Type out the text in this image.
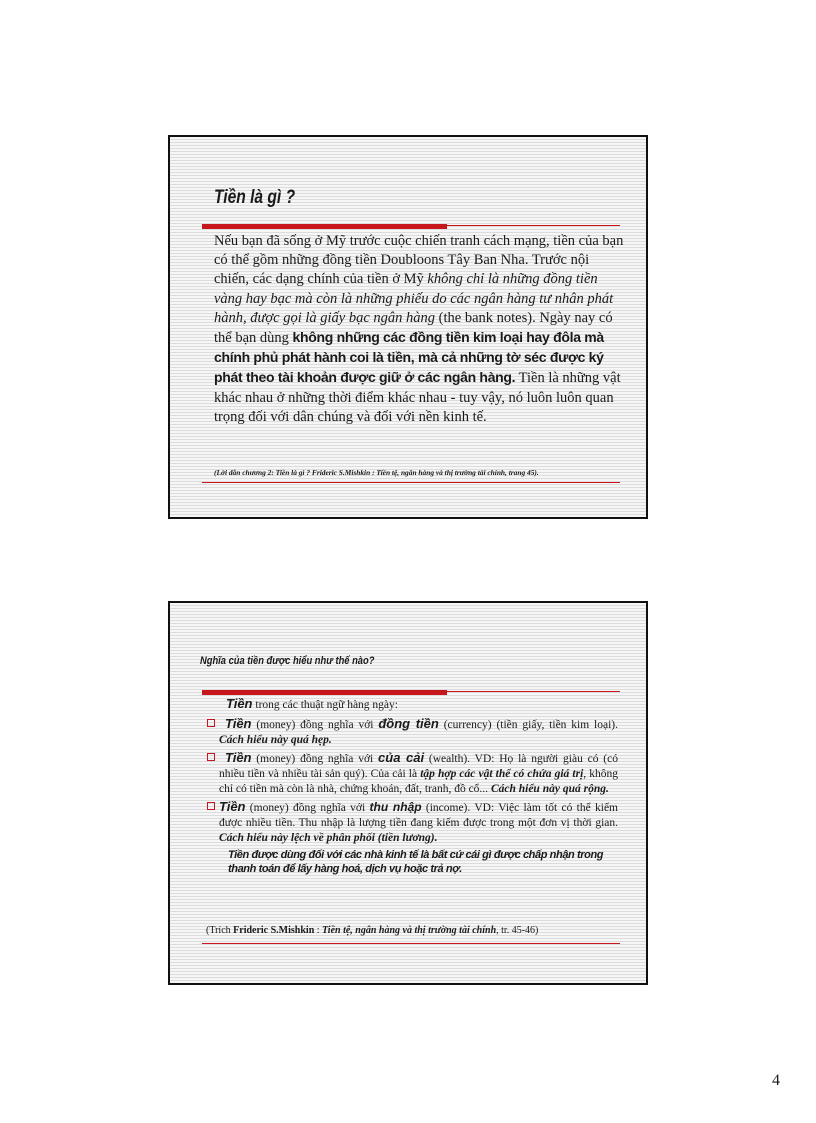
Tiền là gì ?
Nếu bạn đã sống ở Mỹ trước cuộc chiến tranh cách mạng, tiền của bạn có thể gồm những đồng tiền Doubloons Tây Ban Nha. Trước nội chiến, các dạng chính của tiền ở Mỹ không chỉ là những đồng tiền vàng hay bạc mà còn là những phiếu do các ngân hàng tư nhân phát hành, được gọi là giấy bạc ngân hàng (the bank notes). Ngày nay có thể bạn dùng không những các đồng tiền kim loại hay đôla mà chính phủ phát hành coi là tiền, mà cả những tờ séc được ký phát theo tài khoản được giữ ở các ngân hàng. Tiền là những vật khác nhau ở những thời điểm khác nhau - tuy vậy, nó luôn luôn quan trọng đối với dân chúng và đối với nền kinh tế.
(Lời dẫn chương 2: Tiền là gì ? Frideric S.Mishkin : Tiền tệ, ngân hàng và thị trường tài chính, trang 45).
Nghĩa của tiền được hiểu như thế nào?
Tiền trong các thuật ngữ hàng ngày:
Tiền (money) đồng nghĩa với đồng tiền (currency) (tiền giấy, tiền kim loại). Cách hiểu này quá hẹp.
Tiền (money) đồng nghĩa với của cải (wealth). VD: Họ là người giàu có (có nhiều tiền và nhiều tài sản quý). Của cải là tập hợp các vật thể có chứa giá trị, không chỉ có tiền mà còn là nhà, chứng khoán, đất, tranh, đồ cổ... Cách hiểu này quá rộng.
Tiền (money) đồng nghĩa với thu nhập (income). VD: Việc làm tốt có thể kiếm được nhiều tiền. Thu nhập là lượng tiền đang kiếm được trong một đơn vị thời gian. Cách hiểu này lệch về phân phối (tiền lương).
Tiền được dùng đối với các nhà kinh tế là bất cứ cái gì được chấp nhận trong thanh toán để lấy hàng hoá, dịch vụ hoặc trả nợ.
(Trích Frideric S.Mishkin : Tiền tệ, ngân hàng và thị trường tài chính, tr. 45-46)
4
